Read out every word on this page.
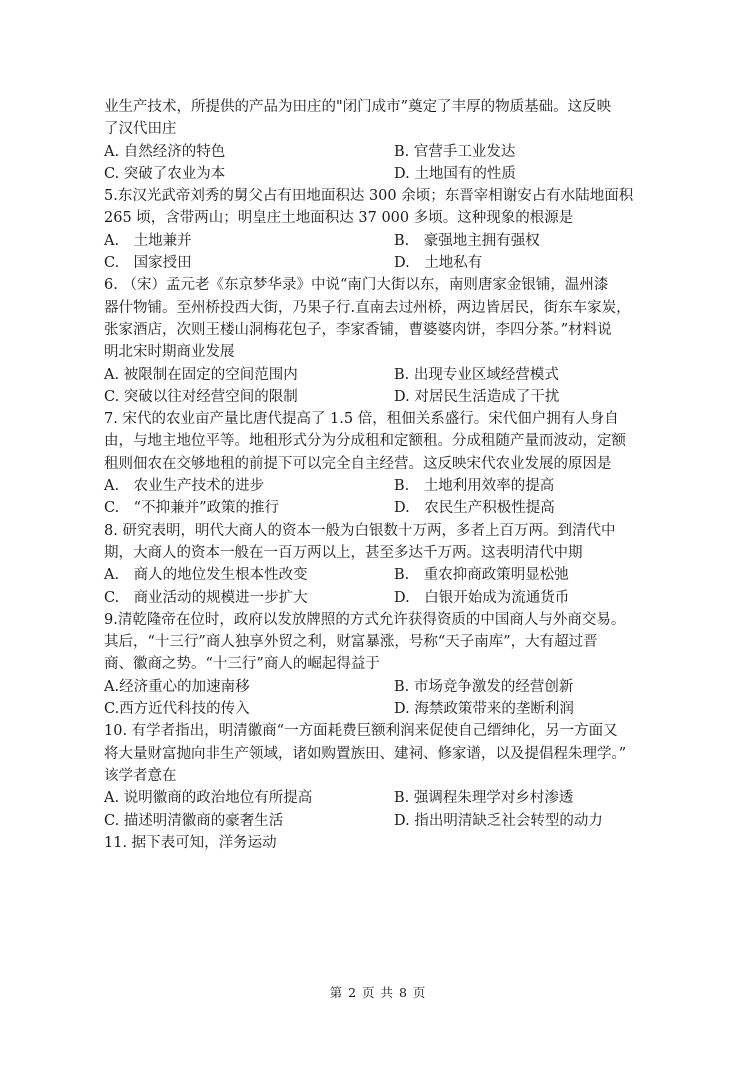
业生产技术，所提供的产品为田庄的"闭门成市”奠定了丰厚的物质基础。这反映
了汉代田庄
A. 自然经济的特色	B. 官营手工业发达
C. 突破了农业为本	D. 土地国有的性质
5.东汉光武帝刘秀的舅父占有田地面积达 300 余顷；东晋宰相谢安占有水陆地面积
265 顷，含带两山；明皇庄土地面积达 37 000 多顷。这种现象的根源是
A.　土地兼并	B.　豪强地主拥有强权
C.　国家授田	D.　土地私有
6. （宋）孟元老《东京梦华录》中说“南门大街以东，南则唐家金银铺，温州漆
器什物铺。至州桥投西大街，乃果子行.直南去过州桥，两边皆居民，街东车家炭，
张家酒店，次则王楼山洞梅花包子，李家香铺，曹婆婆肉饼，李四分茶。”材料说
明北宋时期商业发展
A. 被限制在固定的空间范围内	B. 出现专业区域经营模式
C. 突破以往对经营空间的限制	D. 对居民生活造成了干扰
7. 宋代的农业亩产量比唐代提高了 1.5 倍，租佃关系盛行。宋代佃户拥有人身自
由，与地主地位平等。地租形式分为分成租和定额租。分成租随产量而波动，定额
租则佃农在交够地租的前提下可以完全自主经营。这反映宋代农业发展的原因是
A.　农业生产技术的进步	B.　土地利用效率的提高
C.　“不抑兼并”政策的推行	D.　农民生产积极性提高
8. 研究表明，明代大商人的资本一般为白银数十万两，多者上百万两。到清代中
期，大商人的资本一般在一百万两以上，甚至多达千万两。这表明清代中期
A.　商人的地位发生根本性改变	B.　重农抑商政策明显松弛
C.　商业活动的规模进一步扩大	D.　白银开始成为流通货币
9.清乾隆帝在位时，政府以发放牌照的方式允许获得资质的中国商人与外商交易。
其后，“十三行”商人独享外贸之利，财富暴涨，号称“天子南库”，大有超过晋
商、徽商之势。“十三行”商人的崛起得益于
A.经济重心的加速南移	B. 市场竞争激发的经营创新
C.西方近代科技的传入	D. 海禁政策带来的垄断利润
10. 有学者指出，明清徽商“一方面耗费巨额利润来促使自己缙绅化，另一方面又
将大量财富抛向非生产领域，诸如购置族田、建祠、修家谱，以及提倡程朱理学。”
该学者意在
A. 说明徽商的政治地位有所提高	B. 强调程朱理学对乡村渗透
C. 描述明清徽商的豪奢生活	D. 指出明清缺乏社会转型的动力
11. 据下表可知，洋务运动
第 2 页 共 8 页
